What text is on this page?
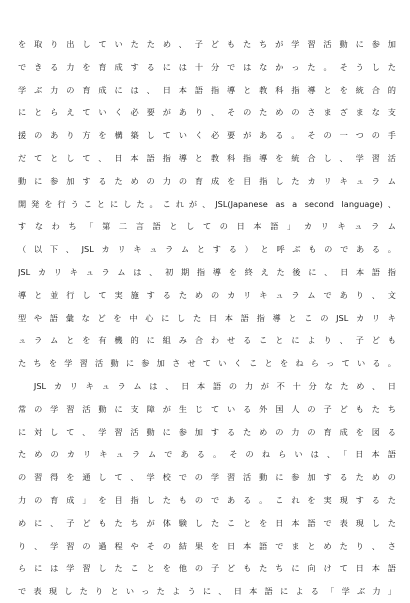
を取り出していたため、子どもたちが学習活動に参加
できる力を育成するには十分ではなかった。そうした
学ぶ力の育成には、日本語指導と教科指導とを統合的
にとらえていく必要があり、そのためのさまざまな支
援のあり方を構築していく必要がある。その一つの手
だてとして、日本語指導と教科指導を統合し、学習活
動に参加するための力の育成を目指したカリキュラム
開発を行うことにした。これが、JSL(Japanese as a second language)、
すなわち「第二言語としての日本語」カリキュラム
（以下、JSLカリキュラムとする）と呼ぶものである。
JSLカリキュラムは、初期指導を終えた後に、日本語指
導と並行して実施するためのカリキュラムであり、文
型や語彙などを中心にした日本語指導とこのJSLカリキ
ュラムとを有機的に組み合わせることにより、子ども
たちを学習活動に参加させていくことをねらっている。
　JSLカリキュラムは、日本語の力が不十分なため、日
常の学習活動に支障が生じている外国人の子どもたち
に対して、学習活動に参加するための力の育成を図る
ためのカリキュラムである。そのねらいは、「日本語
の習得を通して、学校での学習活動に参加するための
力の育成」を目指したものである。これを実現するた
めに、子どもたちが体験したことを日本語で表現した
り、学習の過程やその結果を日本語でまとめたり、さ
らには学習したことを他の子どもたちに向けて日本語
で表現したりといったように、日本語による「学ぶ力」
